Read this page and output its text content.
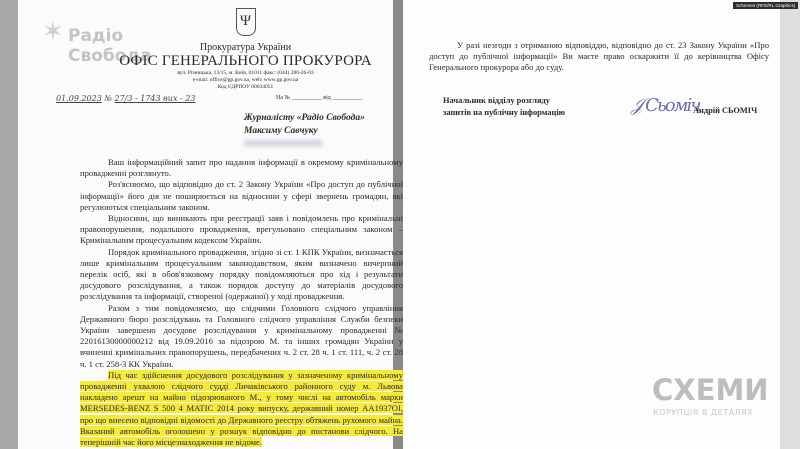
✶ Радіо
Свобода
Ψ
Прокуратура України
ОФІС ГЕНЕРАЛЬНОГО ПРОКУРОРА
вул. Різницька, 13/15, м. Київ, 01011 факс: (044) 280-26-03
e-mail: office@gp.gov.ua, web: www.gp.gov.ua
Код ЄДРПОУ 00034051
01.09.2023 № 27/3 - 1743 вих - 23	На № __________ від __________
Журналісту «Радіо Свобода»
Максиму Савчуку

Ваш інформаційний запит про надання інформації в окремому кримінальному провадженні розглянуто.

Роз'яснюємо, що відповідно до ст. 2 Закону України «Про доступ до публічної інформації» його дія не поширюється на відносини у сфері звернень громадян, які регулюються спеціальним законом.

Відносини, що виникають при реєстрації заяв і повідомлень про кримінальні правопорушення, подальшого провадження, врегульовано спеціальним законом – Кримінальним процесуальним кодексом України.

Порядок кримінального провадження, згідно зі ст. 1 КПК України, визначається лише кримінальним процесуальним законодавством, яким визначено вичерпний перелік осіб, які в обов'язковому порядку повідомляються про хід і результати досудового розслідування, а також порядок доступу до матеріалів досудового розслідування та інформації, створеної (одержаної) у ході провадження.

Разом з тим повідомляємо, що слідчими Головного слідчого управління Державного бюро розслідувань та Головного слідчого управління Служби безпеки України завершено досудове розслідування у кримінальному провадженні № 22016130000000212 від 19.09.2016 за підозрою М. та інших громадян України у вчиненні кримінальних правопорушень, передбачених ч. 2 ст. 28 ч. 1 ст. 111, ч. 2 ст. 28 ч. 1 ст. 258-3 КК України.

Під час здійснення досудового розслідування у зазначеному кримінальному провадженні ухвалою слідчого судді Личаківського районного суду м. Львова накладено арешт на майно підозрюваного М., у тому числі на автомобіль марки MERSEDES-BENZ S 500 4 MATIC 2014 року випуску, державний номер AA1937OI, про що внесено відповідні відомості до Державного реєстру обтяжень рухомого майна. Вказаний автомобіль оголошено у розшук відповідно до постанови слідчого. На теперішній час його місцезнаходження не відоме.

У разі незгоди з отриманою відповіддю, відповідно до ст. 23 Закону України «Про доступ до публічної інформації» Ви маєте право оскаржити її до керівництва Офісу Генерального прокурора або до суду.

Начальник відділу розгляду
запитів на публічну інформацію	𝒥 Сьоміч
Андрій СЬОМІЧ
Schemes (RFE/RL Graphics)
СХЕМИ
КОРУПЦІЯ В ДЕТАЛЯХ
